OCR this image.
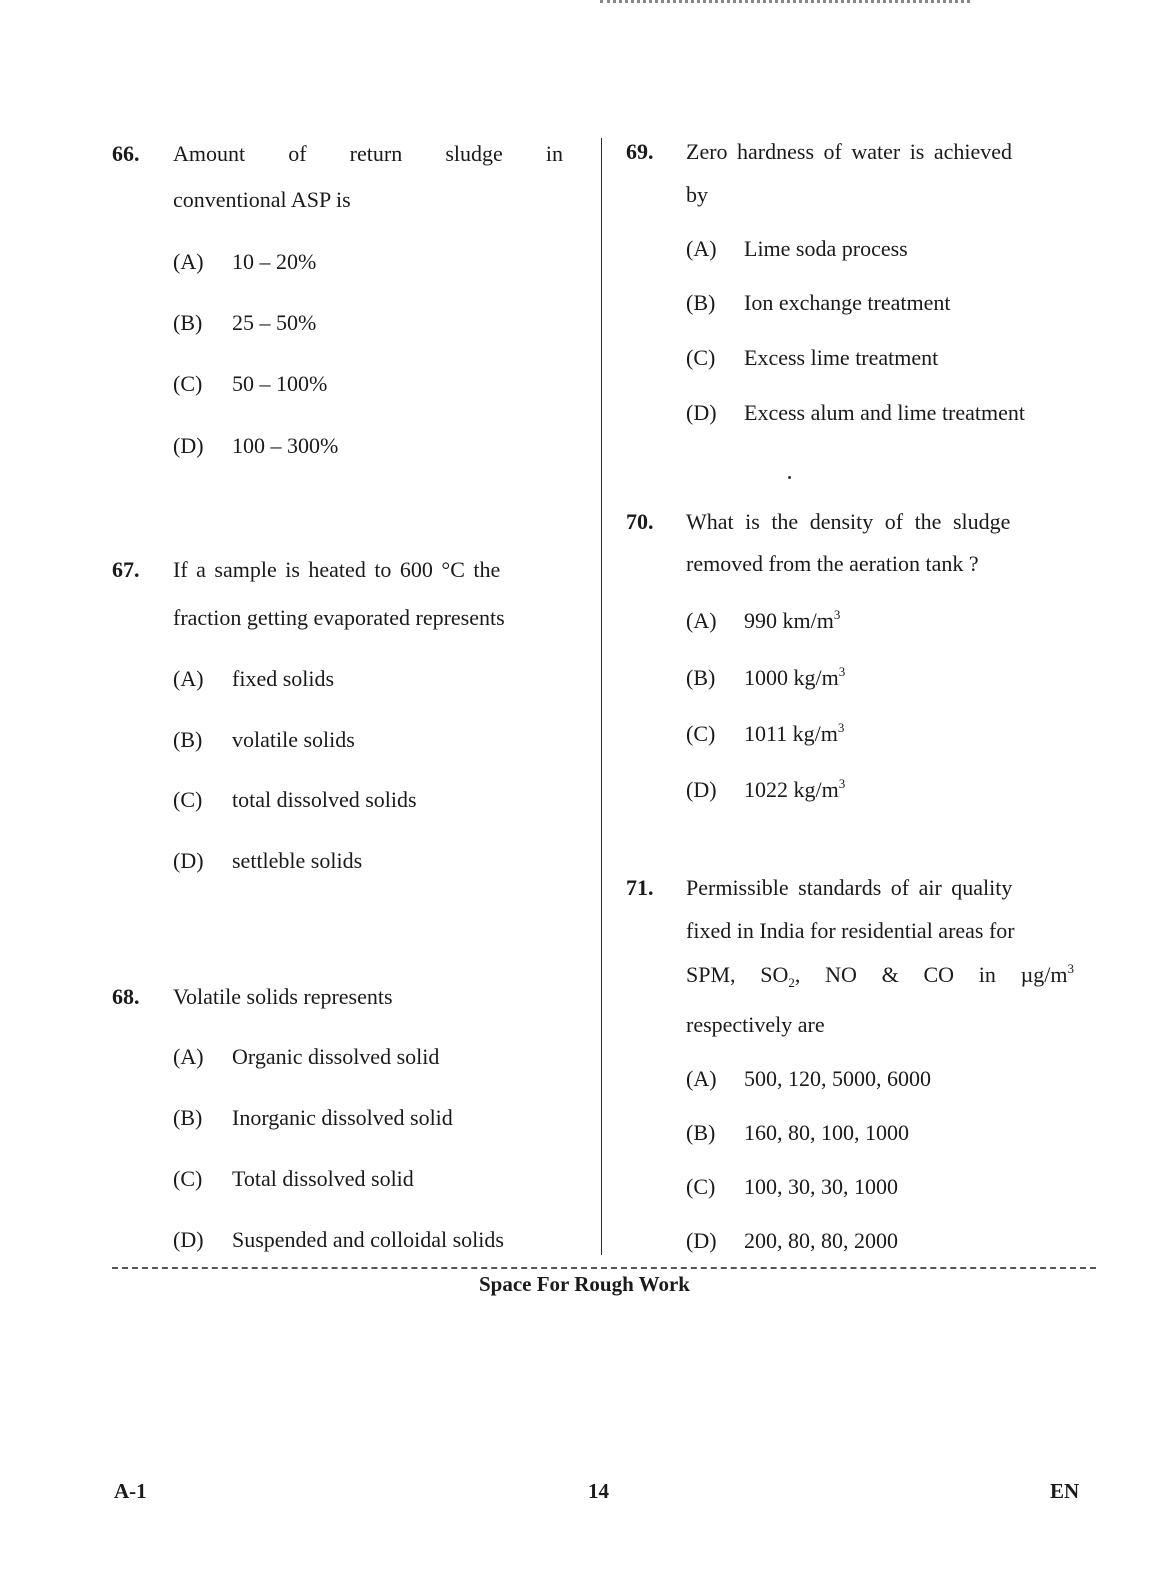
66. Amount of return sludge in
conventional ASP is
(A) 10 – 20%
(B) 25 – 50%
(C) 50 – 100%
(D) 100 – 300%
67. If a sample is heated to 600 °C the
fraction getting evaporated represents
(A) fixed solids
(B) volatile solids
(C) total dissolved solids
(D) settleble solids
68. Volatile solids represents
(A) Organic dissolved solid
(B) Inorganic dissolved solid
(C) Total dissolved solid
(D) Suspended and colloidal solids
69. Zero hardness of water is achieved
by
(A) Lime soda process
(B) Ion exchange treatment
(C) Excess lime treatment
(D) Excess alum and lime treatment
70. What is the density of the sludge
removed from the aeration tank ?
(A) 990 $km/m^3$
(B) 1000 $kg/m^3$
(C) 1011 $kg/m^3$
(D) 1022 $kg/m^3$
71. Permissible standards of air quality
fixed in India for residential areas for
SPM, $SO_2$, NO & CO in $\mu g/m^3$
respectively are
(A) 500, 120, 5000, 6000
(B) 160, 80, 100, 1000
(C) 100, 30, 30, 1000
(D) 200, 80, 80, 2000
Space For Rough Work
A-1	14	EN
